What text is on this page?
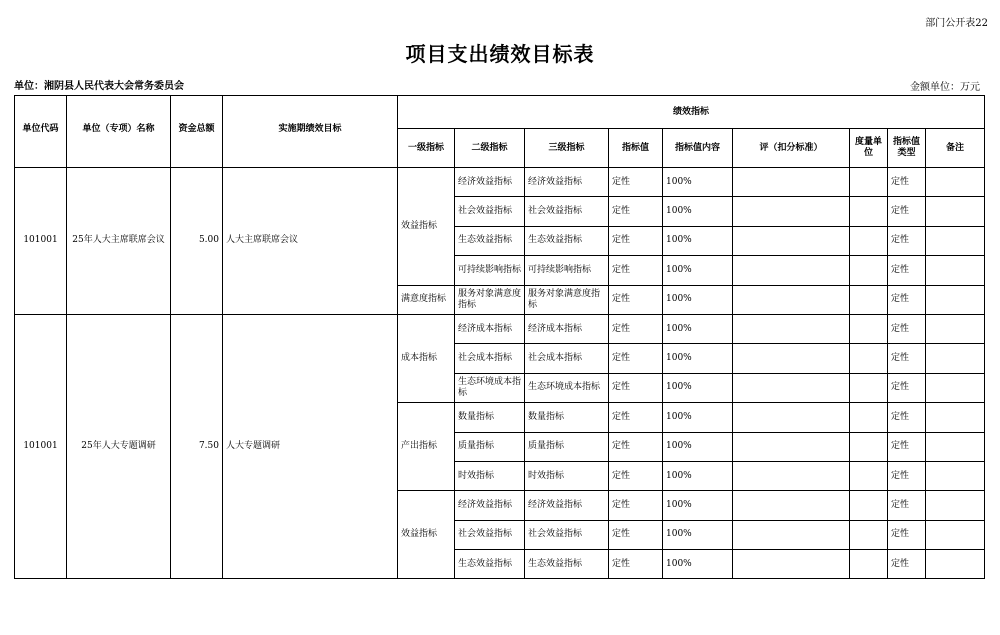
部门公开表22
项目支出绩效目标表
单位：湘阴县人民代表大会常务委员会	金额单位：万元
单位代码	单位（专项）名称	资金总额	实施期绩效目标	绩效指标								
				一级指标	二级指标	三级指标	指标值	指标值内容	评（扣分标准）	度量单位	指标值类型	备注
101001	25年人大主席联席会议	5.00	人大主席联席会议	效益指标	经济效益指标	经济效益指标	定性	100%			定性	
					社会效益指标	社会效益指标	定性	100%			定性	
					生态效益指标	生态效益指标	定性	100%			定性	
					可持续影响指标	可持续影响指标	定性	100%			定性	
				满意度指标	服务对象满意度指标	服务对象满意度指标	定性	100%			定性	
101001	25年人大专题调研	7.50	人大专题调研	成本指标	经济成本指标	经济成本指标	定性	100%			定性	
					社会成本指标	社会成本指标	定性	100%			定性	
					生态环境成本指标	生态环境成本指标	定性	100%			定性	
				产出指标	数量指标	数量指标	定性	100%			定性	
					质量指标	质量指标	定性	100%			定性	
					时效指标	时效指标	定性	100%			定性	
				效益指标	经济效益指标	经济效益指标	定性	100%			定性	
					社会效益指标	社会效益指标	定性	100%			定性	
					生态效益指标	生态效益指标	定性	100%			定性	
